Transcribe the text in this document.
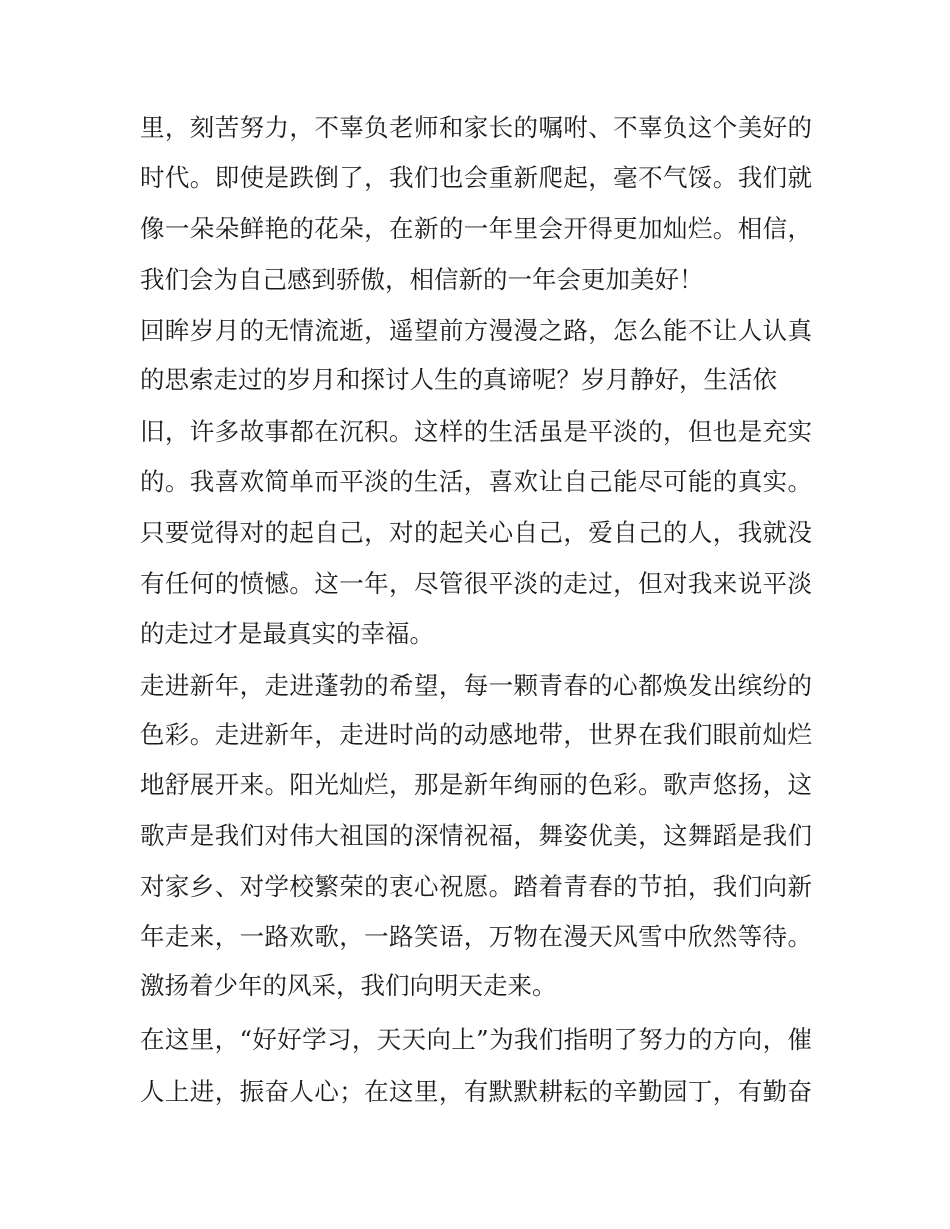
里，刻苦努力，不辜负老师和家长的嘱咐、不辜负这个美好的
时代。即使是跌倒了，我们也会重新爬起，毫不气馁。我们就
像一朵朵鲜艳的花朵，在新的一年里会开得更加灿烂。相信，
我们会为自己感到骄傲，相信新的一年会更加美好！
回眸岁月的无情流逝，遥望前方漫漫之路，怎么能不让人认真
的思索走过的岁月和探讨人生的真谛呢？岁月静好，生活依
旧，许多故事都在沉积。这样的生活虽是平淡的，但也是充实
的。我喜欢简单而平淡的生活，喜欢让自己能尽可能的真实。
只要觉得对的起自己，对的起关心自己，爱自己的人，我就没
有任何的愤憾。这一年，尽管很平淡的走过，但对我来说平淡
的走过才是最真实的幸福。
走进新年，走进蓬勃的希望，每一颗青春的心都焕发出缤纷的
色彩。走进新年，走进时尚的动感地带，世界在我们眼前灿烂
地舒展开来。阳光灿烂，那是新年绚丽的色彩。歌声悠扬，这
歌声是我们对伟大祖国的深情祝福，舞姿优美，这舞蹈是我们
对家乡、对学校繁荣的衷心祝愿。踏着青春的节拍，我们向新
年走来，一路欢歌，一路笑语，万物在漫天风雪中欣然等待。
激扬着少年的风采，我们向明天走来。
在这里，“好好学习，天天向上”为我们指明了努力的方向，催
人上进，振奋人心；在这里，有默默耕耘的辛勤园丁，有勤奋
